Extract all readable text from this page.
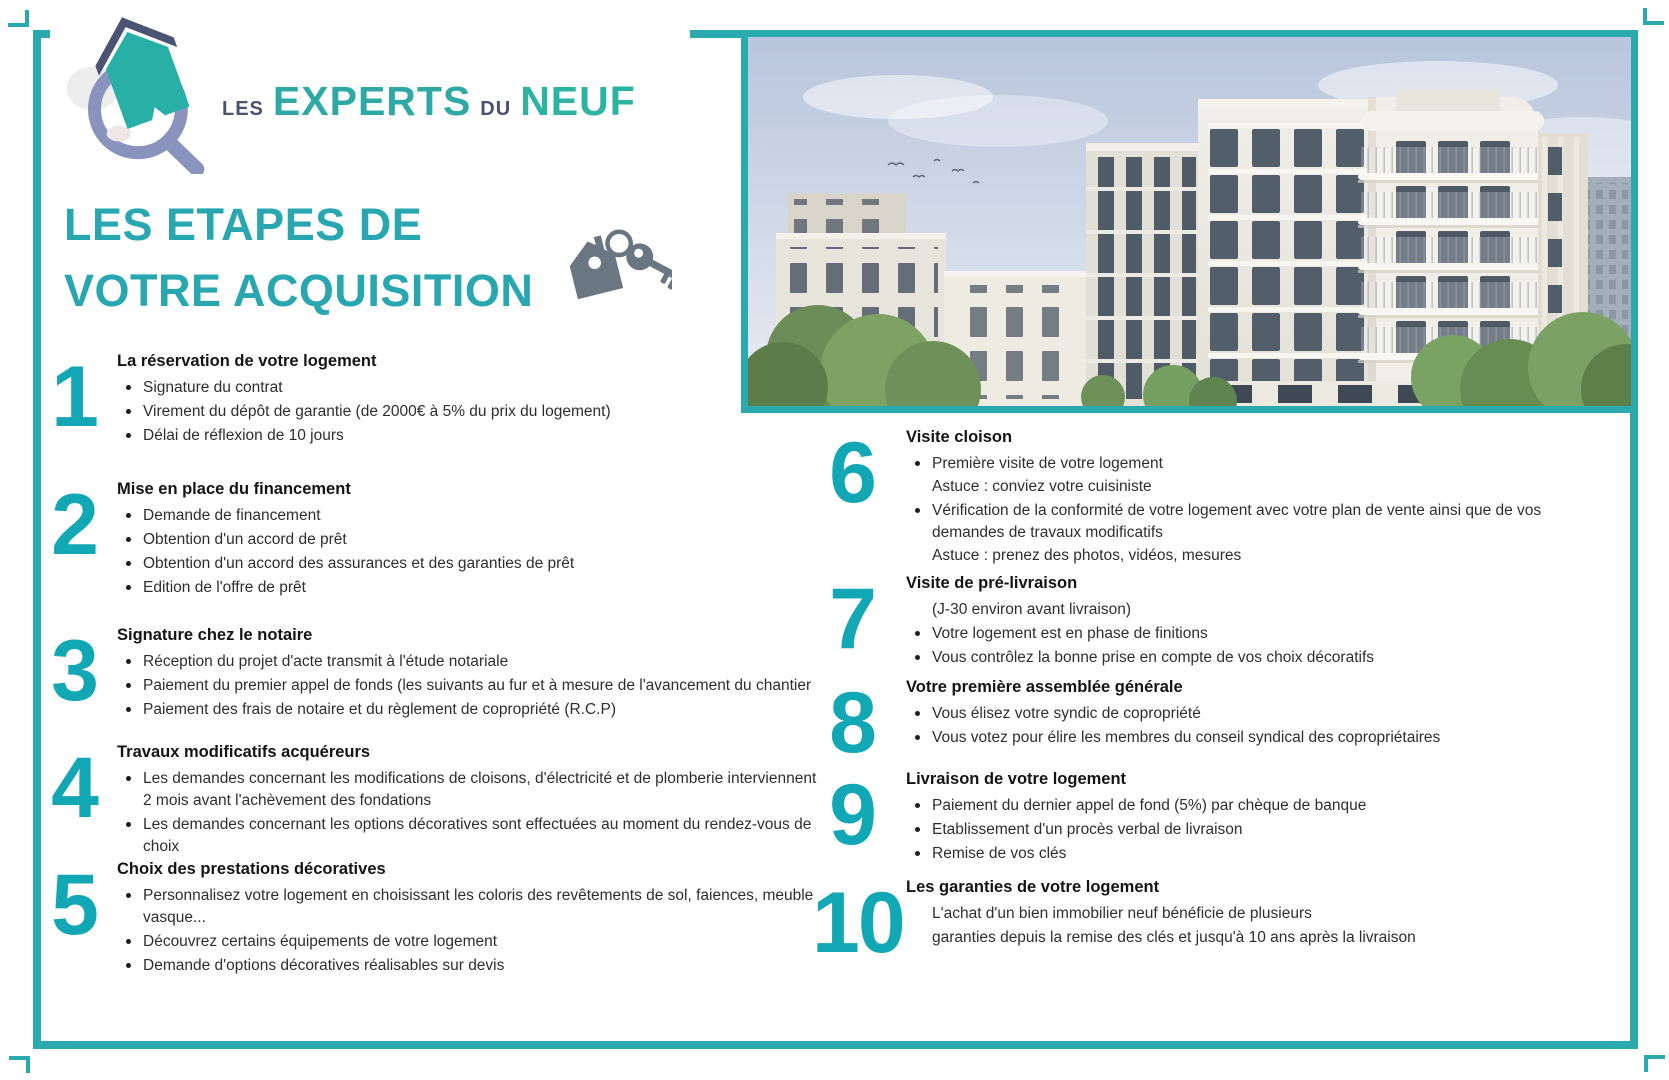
LES EXPERTS DU NEUF
LES ETAPES DE
VOTRE ACQUISITION
1	La réservation de votre logement
Signature du contrat
Virement du dépôt de garantie (de 2000€ à 5% du prix du logement)
Délai de réflexion de 10 jours
2	Mise en place du financement
Demande de financement
Obtention d'un accord de prêt
Obtention d'un accord des assurances et des garanties de prêt
Edition de l'offre de prêt
3	Signature chez le notaire
Réception du projet d'acte transmit à l'étude notariale
Paiement du premier appel de fonds (les suivants au fur et à mesure de l'avancement du chantier
Paiement des frais de notaire et du règlement de copropriété (R.C.P)
4	Travaux modificatifs acquéreurs
Les demandes concernant les modifications de cloisons, d'électricité et de plomberie interviennent 2 mois avant l'achèvement des fondations
Les demandes concernant les options décoratives sont effectuées au moment du rendez-vous de choix
5	Choix des prestations décoratives
Personnalisez votre logement en choisissant les coloris des revêtements de sol, faiences, meuble vasque...
Découvrez certains équipements de votre logement
Demande d'options décoratives réalisables sur devis
6	Visite cloison
Première visite de votre logement
Astuce : conviez votre cuisiniste
Vérification de la conformité de votre logement avec votre plan de vente ainsi que de vos demandes de travaux modificatifs
Astuce : prenez des photos, vidéos, mesures
7	Visite de pré-livraison
(J-30 environ avant livraison)
Votre logement est en phase de finitions
Vous contrôlez la bonne prise en compte de vos choix décoratifs
8	Votre première assemblée générale
Vous élisez votre syndic de copropriété
Vous votez pour élire les membres du conseil syndical des copropriétaires
9	Livraison de votre logement
Paiement du dernier appel de fond (5%) par chèque de banque
Etablissement d'un procès verbal de livraison
Remise de vos clés
10 Les garanties de votre logement
L'achat d'un bien immobilier neuf bénéficie de plusieurs
garanties depuis la remise des clés et jusqu'à 10 ans après la livraison
